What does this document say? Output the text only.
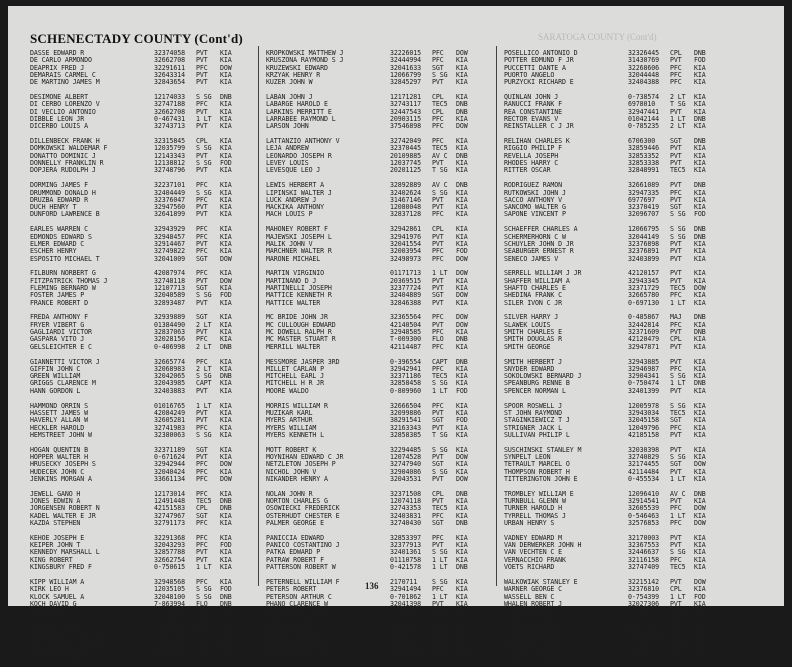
SARATOGA COUNTY (Cont'd)
SCHENECTADY COUNTY (Cont'd)
DASSE EDWARD R	32374058	PVT	KIA
DE CARLO ARMONDO	32662708	PVT	KIA
DEAPRIX FRED J	32291611	PFC	DOW
DEMARAIS CARMEL C	32643314	PVT	KIA
DE MARTINO JAMES M	32843654	PVT	KIA
DESIMONE ALBERT	12174033	S SG	DNB
DI CERBO LORENZO V	32747188	PFC	KIA
DI VECLIO ANTONIO	32662708	PVT	KIA
DIBBLE LEON JR	0-467431	1 LT	KIA
DICERBO LOUIS A	32743713	PVT	KIA
DILLENBECK FRANK H	32315845	CPL	KIA
DOMKOWSKI WALDEMAR F	12035799	S SG	KIA
DONATTO DOMINIC J	12143343	PVT	KIA
DONNELLY FRANKLIN R	12138812	S SG	FOD
DOPJERA RUDOLPH J	32748796	PVT	KIA
DORMING JAMES F	32237101	PFC	KIA
DRUMMOND DONALD H	32404449	S SG	KIA
DRUZBA EDWARD R	32376047	PFC	KIA
DUCH HENRY T	32947560	PVT	KIA
DUNFORD LAWRENCE B	32641899	PVT	KIA
EARLES WARREN C	32943929	PFC	KIA
EDMONDS EDWARD S	32948457	PFC	KIA
ELMER EDWARD C	32914467	PVT	KIA
ESCHER HENRY	32749822	PFC	KIA
ESPOSITO MICHAEL T	32041009	SGT	DOW
FILBURN NORBERT G	42087974	PFC	KIA
FITZPATRICK THOMAS J	32748118	PVT	DOW
FLEMING BERNARD W	12107713	SGT	KIA
FOSTER JAMES P	32040589	S SG	FOD
FRANCE ROBERT D	32893487	PVT	KIA
FREDA ANTHONY F	32939889	SGT	KIA
FRYER VIBERT G	01384490	2 LT	KIA
GAGLIARDI VICTOR	32837063	PVT	KIA
GASPARA VITO J	32028156	PFC	KIA
GELSLEICHTER E C	0-406998	2 LT	DNB
GIANNETTI VICTOR J	32665774	PFC	KIA
GIFFIN JOHN C	32068983	2 LT	KIA
GREEN WILLIAM	32042065	S SG	DNB
GRIGGS CLARENCE M	32043985	CAPT	KIA
HANN GORDON L	32403883	PVT	KIA
HAMMOND ORRIN S	01016765	1 LT	KIA
HASSETT JAMES W	42084249	PVT	KIA
HAVERLY ALLAN W	32605281	PVT	KIA
HECKLER HAROLD	32741983	PFC	KIA
HEMSTREET JOHN W	32380063	S SG	KIA
HOGAN QUENTIN B	32371189	SGT	KIA
HOPPER WALTER H	0-671624	PVT	KIA
HRUSECKY JOSEPH S	32942944	PFC	DOW
HUDECEK JOHN C	32040424	PFC	KIA
JENKINS MORGAN A	33661134	PFC	DOW
JEWELL GANO H	12173014	PFC	KIA
JONES EDWIN A	12491448	TEC5	DNB
JORGENSEN ROBERT N	42151583	CPL	DNB
KADEL WALTER E JR	32747967	SGT	KIA
KAZDA STEPHEN	32791173	PFC	KIA
KEHOE JOSEPH E	32291368	PFC	KIA
KEIPER JOHN T	32043293	PFC	FOD
KENNEDY MARSHALL L	32857788	PVT	KIA
KING ROBERT	32662754	PVT	KIA
KINGSBURY FRED F	0-750615	1 LT	KIA
KIPP WILLIAM A	32948568	PFC	KIA
KIRK LEO H	12035105	S SG	FOD
KLOCK SAMUEL A	32048100	S SG	DNB
KOCH DAVID G	7-863994	FLO	DNB
KOLAKOFF LOUIS	32603333	SGT	KIA
KOLLAR JOSEPH J JR	32447523	PVT	KIA
KOPCZYNSKI JOHN	32038951	PVT	KIA
KORONACZYK JOSEPH M	32080194	S SG	KIA
KOWALCZYK RALPH J	32039964	SGT	FOD
KRONICK ARCHER S	42181434	SGT	KIA
KROPKOWSKI MATTHEW J	32226015	PFC	DOW
KRUSZONA RAYMOND S J	32444994	PFC	KIA
KRUZEWSKI EDWARD	32041633	SGT	KIA
KRZYAK HENRY R	12066799	S SG	KIA
KUZER JOHN W	32845297	PVT	KIA
LABAN JOHN J	12171281	CPL	KIA
LABARGE HAROLD E	32743117	TEC5	DNB
LARKINS MERRITT E	32447543	CPL	DNB
LARRABEE RAYMOND L	20903115	PFC	KIA
LARSON JOHN	37546898	PFC	DOW
LATTANZIO ANTHONY V	32742049	PFC	KIA
LEJA ANDREW	32370445	TEC5	KIA
LEONARDO JOSEPH R	20109885	AV C	DNB
LEVEY LOUIS	12037745	PVT	KIA
LEVESQUE LEO J	20201125	T SG	KIA
LEWIS HERBERT A	32892889	AV C	DNB
LIPINSKI WALTER J	32402624	S SG	KIA
LUCK ANDREW J	31467146	PVT	KIA
MACKIKA ANTHONY	12080048	PVT	KIA
MACH LOUIS P	32837128	PFC	KIA
MAHONEY ROBERT F	32942861	CPL	KIA
MAJEWSKI JOSEPH L	32941976	PVT	KIA
MALIK JOHN V	32041554	PVT	KIA
MARCHNER WALTER R	32003954	PFC	FOD
MARONE MICHAEL	32498973	PFC	DOW
MARTIN VIRGINIO	01171713	1 LT	DOW
MARTINANO D J	20369515	PVT	KIA
MARTINELLI JOSEPH	32377724	PVT	KIA
MATTICE KENNETH R	32404889	SGT	DOW
MATTICE WALTER	32846388	PVT	KIA
MC BRIDE JOHN JR	32365564	PFC	DOW
MC CULLOUGH EDWARD	42140504	PVT	DOW
MC DOWELL RALPH R	32948585	PFC	KIA
MC MASTER STUART R	T-009300	FLO	DNB
MERRILL WALTER	42114487	PFC	KIA
MESSMORE JASPER 3RD	0-396554	CAPT	DNB
MILLET CARLAN P	32942941	PFC	KIA
MITCHELL EARL J	32371186	TEC5	KIA
MITCHELL H R JR	32858458	S SG	KIA
MOORE WALDO	0-809960	1 LT	FOD
MORRIS WILLIAM R	32666504	PFC	KIA
MUZIKAR KARL	32099886	PVT	KIA
MYERS ARTHUR	38291541	SGT	FOD
MYERS WILLIAM	32163343	PVT	KIA
MYERS KENNETH L	32858385	T SG	KIA
MOTT ROBERT K	32294485	S SG	KIA
MOYNIHAN EDWARD C JR	12074528	PVT	DOW
NETZLETON JOSEPH P	32747940	SGT	KIA
NICHOL JOHN V	32904086	S SG	KIA
NIKANDER HENRY A	32043531	PVT	DOW
NOLAN JOHN R	32371508	CPL	DNB
NORTON CHARLES G	12074118	PVT	KIA
OSOWIECKI FREDERICK	32743353	TEC5	KIA
OSTERHUDT CHESTER E	32403831	PFC	KIA
PALMER GEORGE E	32740430	SGT	DNB
PANICCIA EDWARD	32853397	PFC	KIA
PANICO COSTANTINO J	32377913	PVT	KIA
PATKA EDWARD P	32401361	S SG	KIA
PATRAW ROBERT F	01110758	1 LT	KIA
PATTERSON ROBERT W	0-421578	1 LT	DNB
PETERNELL WILLIAM F	2170711	S SG	KIA
PETERS ROBERT	32941494	PFC	KIA
PETERSON ARTHUR C	0-701862	1 LT	KIA
PHANO CLARENCE W	32041398	PVT	KIA
PICCARELLI ORLANDO J	6978148	CPL	KIA
PITTS GEORGE	12074637	CPL	DNB
PITZER WALTER A	32373181	PFC	KIA
POLING CLARK E	32404399	PVT	KIA
POLUCHENSKI FRED	32852257	PVT	KIA
POPE HENRY C JR	12074444	PVT	KIA
POSELLICO ANTONIO D	32326445	CPL	DNB
POTTER EDMUND F JR	31430769	PVT	FOD
PUCCETTI DANTE A	32268606	PFC	KIA
PUORTO ANGELO	32044448	PFC	KIA
PURZYCKI RICHARD E	32404388	PFC	KIA
QUINLAN JOHN J	0-738574	2 LT	KIA
RANUCCI FRANK F	6978010	T SG	KIA
REA CONSTANTINE	32947441	PVT	KIA
RECTOR EVANS V	01042144	1 LT	DNB
REINSTALLER C J JR	0-785235	2 LT	KIA
RELIHAN CHARLES K	6706300	SGT	DNB
RIGGIO PHILIP F	32859446	PVT	KIA
REVELLA JOSEPH	32853352	PVT	KIA
RHODES HARRY C	32853338	PVT	KIA
RITTER OSCAR	32848991	TEC5	KIA
RODRIGUEZ RAMON	32661089	PVT	DNB
RUTKOWSKI JOHN J	32947335	PFC	KIA
SACCO ANTHONY V	6977697	PVT	KIA
SANCOMO WALTER G	32370419	SGT	KIA
SAPONE VINCENT P	32096707	S SG	FOD
SCHAEFFER CHARLES A	12066795	S SG	DNB
SCHERMERHORN C W	32044149	S SG	DNB
SCHUYLER JOHN D JR	32376898	PVT	KIA
SEABURGER ERNEST R	32376891	PVT	KIA
SENECO JAMES V	32403899	PVT	KIA
SERRELL WILLIAM J JR	42120157	PVT	KIA
SHAFFER WILLIAM A	32943345	PVT	KIA
SHAFTO CHARLES E	32371729	TEC5	DOW
SHEDINA FRANK C	32665780	PFC	KIA
SILER IVON C JR	0-697130	1 LT	KIA
SILVER HARRY J	0-485867	MAJ	DNB
SLAWEK LOUIS	32442814	PFC	KIA
SMITH CHARLES E	32371609	PVT	DNB
SMITH DOUGLAS R	42120479	CPL	KIA
SMITH GEORGE	32947871	PVT	KIA
SMITH HERBERT J	32943885	PVT	KIA
SNYDER EDWARD	32946987	PFC	KIA
SOKOLOWSKI BERNARD J	32904341	S SG	KIA
SPEANBURG RENNE B	0-750474	1 LT	DNB
SPENCER NORMAN L	32401399	PVT	KIA
SPOOR ROSWELL J	12005978	S SG	KIA
ST JOHN RAYMOND	32943034	TEC5	KIA
STAGINKIEWICZ T J	32045158	SGT	KIA
STRIGNER JACK L	12049796	PFC	KIA
SULLIVAN PHILIP L	42185158	PVT	KIA
SUSCHINSKI STANLEY M	32030398	PVT	KIA
SYNPELT LEON	32740829	S SG	KIA
TETRAULT MARCEL O	32174455	SGT	DOW
THOMPSON ROBERT H	42114484	PVT	KIA
TITTERINGTON JOHN E	0-455534	1 LT	KIA
TROMBLEY WILLIAM E	12096410	AV C	DNB
TURNBULL GLENN W	32914541	PVT	KIA
TURNER HAROLD H	32605539	PFC	DOW
TYRRELL THOMAS J	0-546463	1 LT	KIA
URBAN HENRY S	32576853	PFC	DOW
VADNEY EDWARD M	32170003	PVT	KIA
VAN DERWERKER JOHN H	32367553	PVT	KIA
VAN VECHTEN C E	32446637	S SG	KIA
VERNACCHIO FRANK	32116158	PFC	KIA
VOETS RICHARD	32747409	TEC5	KIA
WALKOWIAK STANLEY E	32215142	PVT	DOW
WARNER GEORGE C	32376810	CPL	KIA
WASSELL BEN C	0-754399	1 LT	FOD
WHALEN ROBERT J	32027306	PVT	KIA
WHITE HORACE G	0-692690	2 LT	KIA
WHITE RICHARD C	42088749	PVT	KIA
WHITE ROBERT E	32404653	PFC	KIA
WHITE RUSSELL N	0-737557	2 LT	KIA
WHITMIRE GORDON L	0-437697	1 LT	KIA
WILLIAMS WILLIAM J	6711069	SGT	KIA
136
